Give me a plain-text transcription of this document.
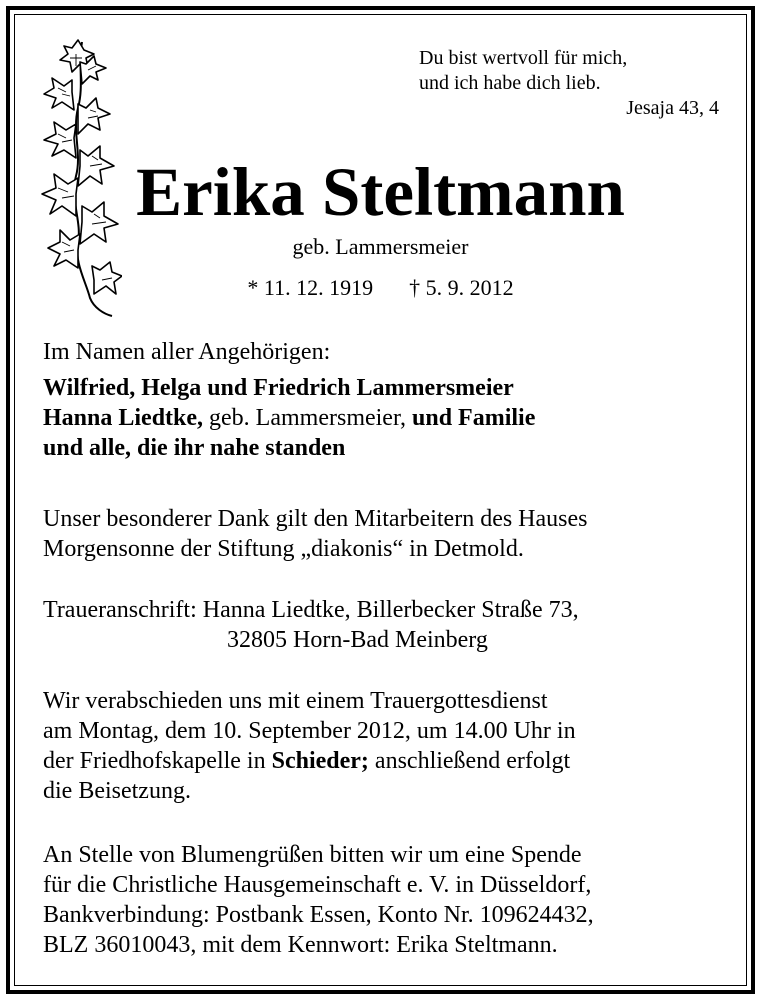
Du bist wertvoll für mich,
und ich habe dich lieb.
Jesaja 43, 4
Erika Steltmann
geb. Lammersmeier
* 11. 12. 1919 † 5. 9. 2012
Im Namen aller Angehörigen:
Wilfried, Helga und Friedrich Lammersmeier
Hanna Liedtke, geb. Lammersmeier, und Familie
und alle, die ihr nahe standen
Unser besonderer Dank gilt den Mitarbeitern des Hauses
Morgensonne der Stiftung „diakonis“ in Detmold.
Traueranschrift: Hanna Liedtke, Billerbecker Straße 73,
32805 Horn-Bad Meinberg
Wir verabschieden uns mit einem Trauergottesdienst
am Montag, dem 10. September 2012, um 14.00 Uhr in
der Friedhofskapelle in Schieder; anschließend erfolgt
die Beisetzung.
An Stelle von Blumengrüßen bitten wir um eine Spende
für die Christliche Hausgemeinschaft e. V. in Düsseldorf,
Bankverbindung: Postbank Essen, Konto Nr. 109624432,
BLZ 36010043, mit dem Kennwort: Erika Steltmann.
